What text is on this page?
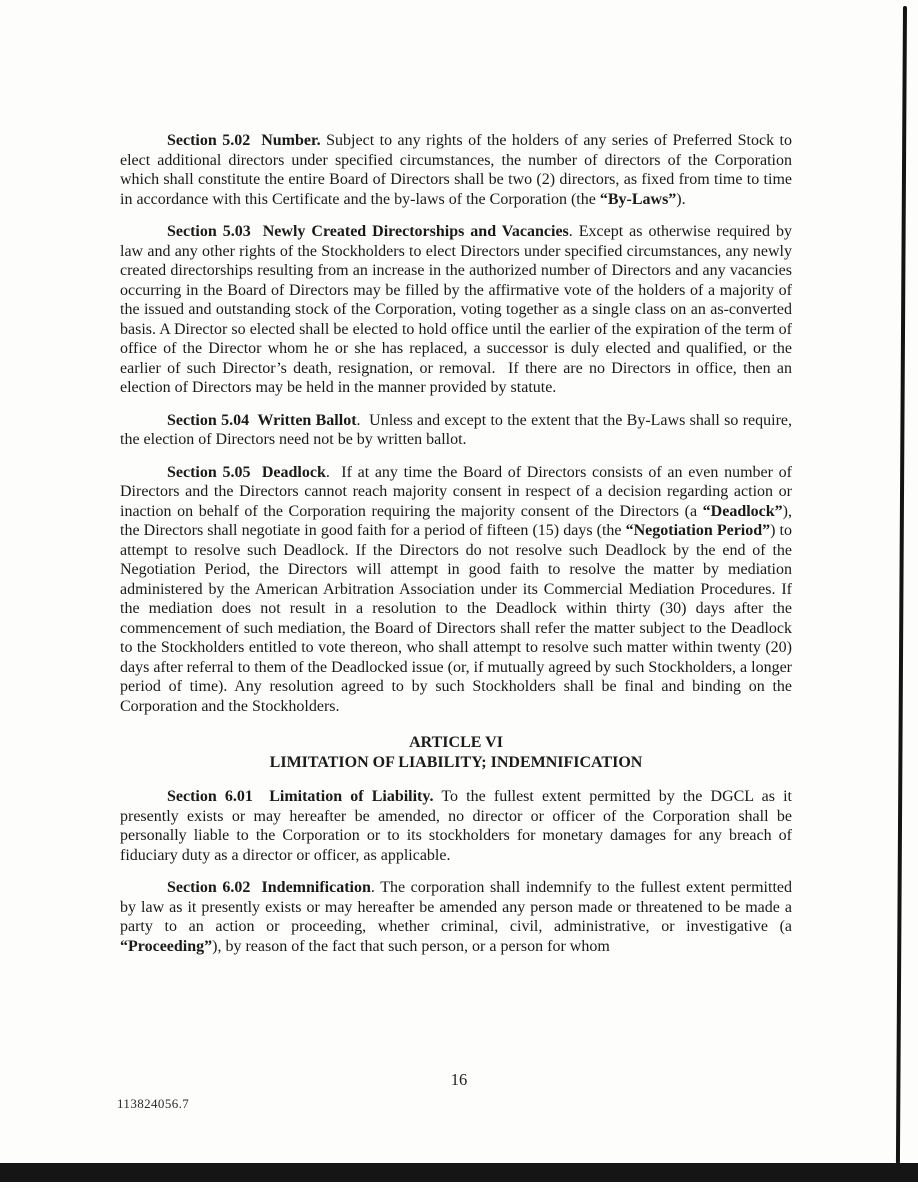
Section 5.02  Number. Subject to any rights of the holders of any series of Preferred Stock to elect additional directors under specified circumstances, the number of directors of the Corporation which shall constitute the entire Board of Directors shall be two (2) directors, as fixed from time to time in accordance with this Certificate and the by-laws of the Corporation (the “By-Laws”).

Section 5.03  Newly Created Directorships and Vacancies. Except as otherwise required by law and any other rights of the Stockholders to elect Directors under specified circumstances, any newly created directorships resulting from an increase in the authorized number of Directors and any vacancies occurring in the Board of Directors may be filled by the affirmative vote of the holders of a majority of the issued and outstanding stock of the Corporation, voting together as a single class on an as-converted basis. A Director so elected shall be elected to hold office until the earlier of the expiration of the term of office of the Director whom he or she has replaced, a successor is duly elected and qualified, or the earlier of such Director’s death, resignation, or removal.  If there are no Directors in office, then an election of Directors may be held in the manner provided by statute.

Section 5.04  Written Ballot.  Unless and except to the extent that the By-Laws shall so require, the election of Directors need not be by written ballot.

Section 5.05  Deadlock.  If at any time the Board of Directors consists of an even number of Directors and the Directors cannot reach majority consent in respect of a decision regarding action or inaction on behalf of the Corporation requiring the majority consent of the Directors (a “Deadlock”), the Directors shall negotiate in good faith for a period of fifteen (15) days (the “Negotiation Period”) to attempt to resolve such Deadlock. If the Directors do not resolve such Deadlock by the end of the Negotiation Period, the Directors will attempt in good faith to resolve the matter by mediation administered by the American Arbitration Association under its Commercial Mediation Procedures. If the mediation does not result in a resolution to the Deadlock within thirty (30) days after the commencement of such mediation, the Board of Directors shall refer the matter subject to the Deadlock to the Stockholders entitled to vote thereon, who shall attempt to resolve such matter within twenty (20) days after referral to them of the Deadlocked issue (or, if mutually agreed by such Stockholders, a longer period of time). Any resolution agreed to by such Stockholders shall be final and binding on the Corporation and the Stockholders.

ARTICLE VI
LIMITATION OF LIABILITY; INDEMNIFICATION

Section 6.01  Limitation of Liability. To the fullest extent permitted by the DGCL as it presently exists or may hereafter be amended, no director or officer of the Corporation shall be personally liable to the Corporation or to its stockholders for monetary damages for any breach of fiduciary duty as a director or officer, as applicable.

Section 6.02  Indemnification. The corporation shall indemnify to the fullest extent permitted by law as it presently exists or may hereafter be amended any person made or threatened to be made a party to an action or proceeding, whether criminal, civil, administrative, or investigative (a “Proceeding”), by reason of the fact that such person, or a person for whom

16
113824056.7
